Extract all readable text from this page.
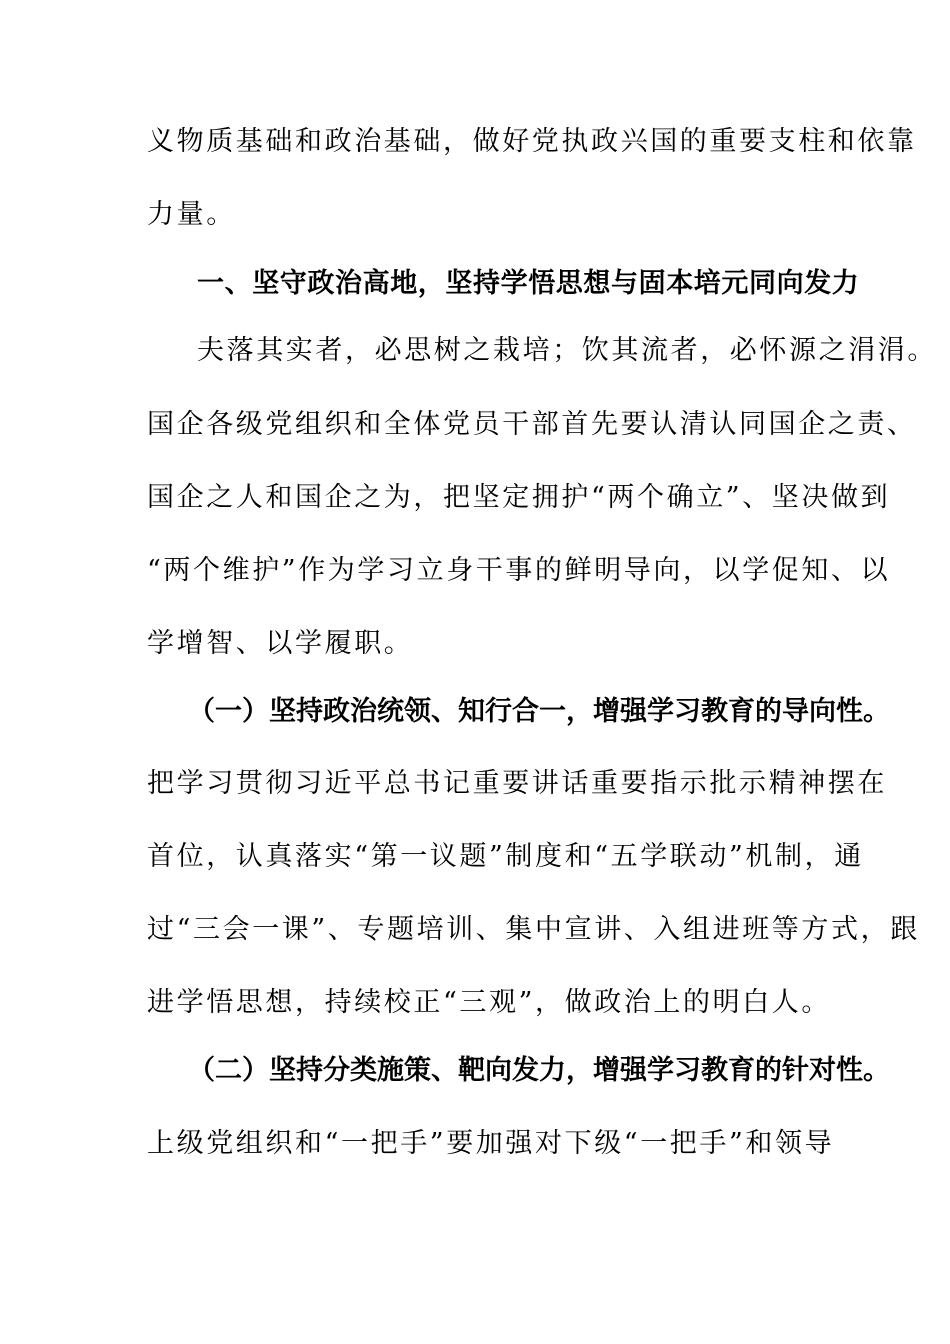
义物质基础和政治基础，做好党执政兴国的重要支柱和依靠
力量。
一、坚守政治高地，坚持学悟思想与固本培元同向发力
夫落其实者，必思树之栽培；饮其流者，必怀源之涓涓。
国企各级党组织和全体党员干部首先要认清认同国企之责、
国企之人和国企之为，把坚定拥护“两个确立”、坚决做到
“两个维护”作为学习立身干事的鲜明导向，以学促知、以
学增智、以学履职。
（一）坚持政治统领、知行合一，增强学习教育的导向性。
把学习贯彻习近平总书记重要讲话重要指示批示精神摆在
首位，认真落实“第一议题”制度和“五学联动”机制，通
过“三会一课”、专题培训、集中宣讲、入组进班等方式，跟
进学悟思想，持续校正“三观”，做政治上的明白人。
（二）坚持分类施策、靶向发力，增强学习教育的针对性。
上级党组织和“一把手”要加强对下级“一把手”和领导
